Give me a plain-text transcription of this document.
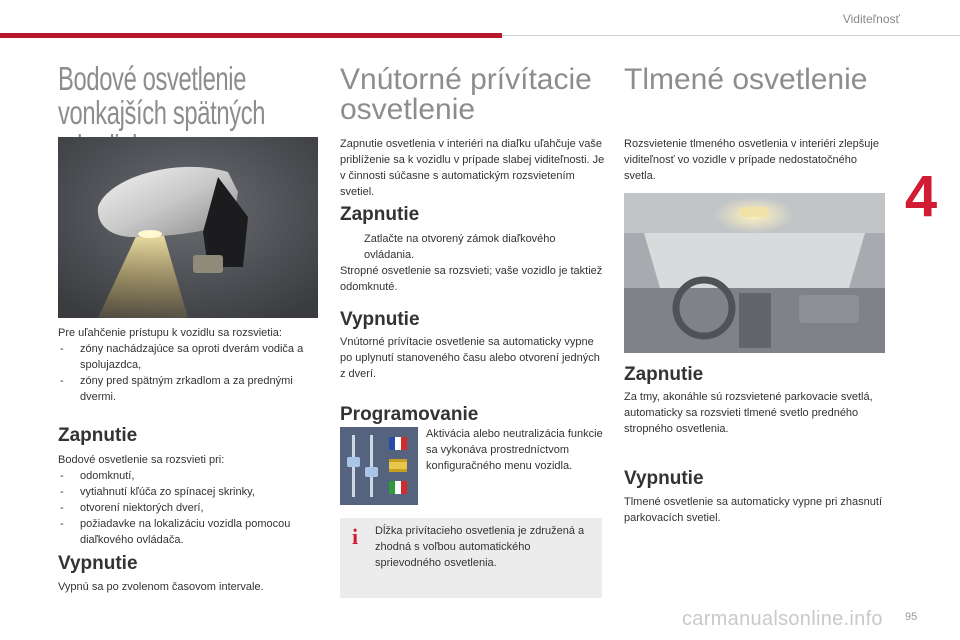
Viditeľnosť
4
Bodové osvetlenie
vonkajších spätných
Pre uľahčenie prístupu k vozidlu sa rozsvietia:
- zóny nachádzajúce sa oproti dverám vodiča a spolujazdca,
- zóny pred spätným zrkadlom a za prednými dvermi.
Zapnutie
Bodové osvetlenie sa rozsvieti pri:
- odomknutí,
- vytiahnutí kľúča zo spínacej skrinky,
- otvorení niektorých dverí,
- požiadavke na lokalizáciu vozidla pomocou diaľkového ovládača.
Vypnutie
Vypnú sa po zvolenom časovom intervale.
Vnútorné prívítacie
osvetlenie
Zapnutie osvetlenia v interiéri na diaľku uľahčuje vaše priblíženie sa k vozidlu v prípade slabej viditeľnosti. Je v činnosti súčasne s automatickým rozsvietením svetiel.
Zapnutie
Zatlačte na otvorený zámok diaľkového ovládania.
Stropné osvetlenie sa rozsvieti; vaše vozidlo je taktiež odomknuté.
Vypnutie
Vnútorné prívítacie osvetlenie sa automaticky vypne po uplynutí stanoveného času alebo otvorení jedných z dverí.
Programovanie
Aktivácia alebo neutralizácia funkcie sa vykonáva prostredníctvom konfiguračného menu vozidla.
i	Dĺžka prívítacieho osvetlenia je združená a zhodná s voľbou automatického sprievodného osvetlenia.
Tlmené osvetlenie
Rozsvietenie tlmeného osvetlenia v interiéri zlepšuje viditeľnosť vo vozidle v prípade nedostatočného svetla.
Zapnutie
Za tmy, akonáhle sú rozsvietené parkovacie svetlá, automaticky sa rozsvieti tlmené svetlo predného stropného osvetlenia.
Vypnutie
Tlmené osvetlenie sa automaticky vypne pri zhasnutí parkovacích svetiel.
carmanualsonline.info 95
